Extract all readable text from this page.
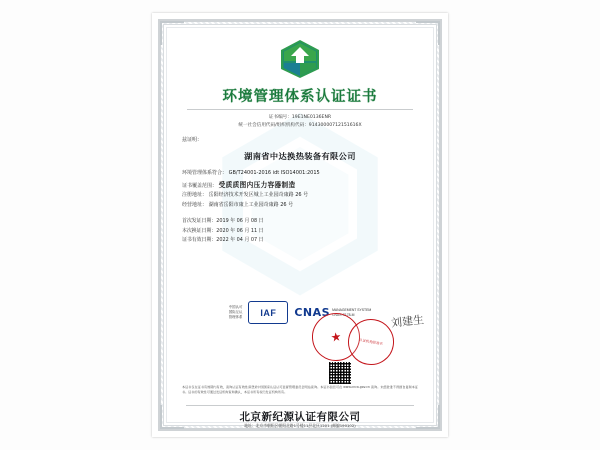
环境管理体系认证证书
证书编号：19E1NE0136ENR
统一社会信用代码/组织机构代码：91430000712151616X
兹证明：
湖南省中达换热装备有限公司
环境管理体系符合： GB/T24001-2016 idt ISO14001:2015
证书覆盖范围： 受质质图内压力容器制造
注册地址： 岳阳经济技术开发区城上工业园奇康路 26 号
经营地址： 湖南省岳阳市康上工业园奇康路 26 号
首次发证日期：2019 年 06 月 08 日
本次换证日期：2020 年 06 月 11 日
证书有效日期：2022 年 04 月 07 日
中国认可
国际互认
管理体系	IAF	CNAS MANAGEMENT SYSTEM
CNAS C178-M
★	认证机构批准书
刘建生
本证书仅在证书有效期内有效，查询认证有效性请登录中国国家认证认可监督管理委员会网站查询。本证书信息可在 www.cnca.gov.cn 查询。未经批准不得擅自复制本证书。证书的有效性可通过发证机构查询确认，本证书所有权归发证机构所有。
北京新纪源认证有限公司
地址：北京市朝阳区朝阳北路1号楼11层北区1201 (邮编190102)
